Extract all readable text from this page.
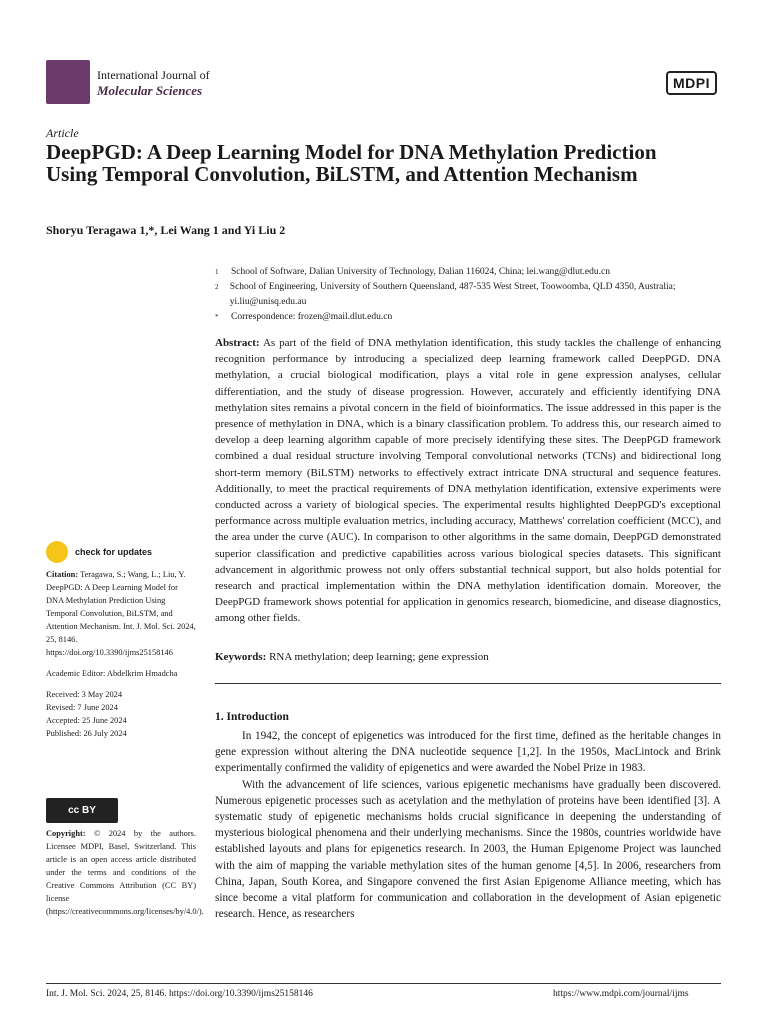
International Journal of
Molecular Sciences	MDPI
Article
DeepPGD: A Deep Learning Model for DNA Methylation Prediction Using Temporal Convolution, BiLSTM, and Attention Mechanism
Shoryu Teragawa 1,*, Lei Wang 1 and Yi Liu 2
1	School of Software, Dalian University of Technology, Dalian 116024, China; lei.wang@dlut.edu.cn
2	School of Engineering, University of Southern Queensland, 487-535 West Street, Toowoomba, QLD 4350, Australia; yi.liu@unisq.edu.au
*	Correspondence: frozen@mail.dlut.edu.cn
Abstract: As part of the field of DNA methylation identification, this study tackles the challenge of enhancing recognition performance by introducing a specialized deep learning framework called DeepPGD. DNA methylation, a crucial biological modification, plays a vital role in gene expression analyses, cellular differentiation, and the study of disease progression. However, accurately and efficiently identifying DNA methylation sites remains a pivotal concern in the field of bioinformatics. The issue addressed in this paper is the presence of methylation in DNA, which is a binary classification problem. To address this, our research aimed to develop a deep learning algorithm capable of more precisely identifying these sites. The DeepPGD framework combined a dual residual structure involving Temporal convolutional networks (TCNs) and bidirectional long short-term memory (BiLSTM) networks to effectively extract intricate DNA structural and sequence features. Additionally, to meet the practical requirements of DNA methylation identification, extensive experiments were conducted across a variety of biological species. The experimental results highlighted DeepPGD's exceptional performance across multiple evaluation metrics, including accuracy, Matthews' correlation coefficient (MCC), and the area under the curve (AUC). In comparison to other algorithms in the same domain, DeepPGD demonstrated superior classification and predictive capabilities across various biological species datasets. This significant advancement in algorithmic prowess not only offers substantial technical support, but also holds potential for research and practical implementation within the DNA methylation identification domain. Moreover, the DeepPGD framework shows potential for application in genomics research, biomedicine, and disease diagnostics, among other fields.
Keywords: RNA methylation; deep learning; gene expression
check for updates

Citation: Teragawa, S.; Wang, L.; Liu, Y. DeepPGD: A Deep Learning Model for DNA Methylation Prediction Using Temporal Convolution, BiLSTM, and Attention Mechanism. Int. J. Mol. Sci. 2024, 25, 8146. https://doi.org/10.3390/ijms25158146

Academic Editor: Abdelkrim Hmadcha

Received: 3 May 2024
Revised: 7 June 2024
Accepted: 25 June 2024
Published: 26 July 2024
cc BY
Copyright: © 2024 by the authors. Licensee MDPI, Basel, Switzerland. This article is an open access article distributed under the terms and conditions of the Creative Commons Attribution (CC BY) license (https://creativecommons.org/licenses/by/4.0/).
1. Introduction

In 1942, the concept of epigenetics was introduced for the first time, defined as the heritable changes in gene expression without altering the DNA nucleotide sequence [1,2]. In the 1950s, MacLintock and Brink experimentally confirmed the validity of epigenetics and were awarded the Nobel Prize in 1983.

With the advancement of life sciences, various epigenetic mechanisms have gradually been discovered. Numerous epigenetic processes such as acetylation and the methylation of proteins have been identified [3]. A systematic study of epigenetic mechanisms holds crucial significance in deepening the understanding of mysterious biological phenomena and their underlying mechanisms. Since the 1980s, countries worldwide have established layouts and plans for epigenetics research. In 2003, the Human Epigenome Project was launched with the aim of mapping the variable methylation sites of the human genome [4,5]. In 2006, researchers from China, Japan, South Korea, and Singapore convened the first Asian Epigenome Alliance meeting, which has since become a vital platform for communication and collaboration in the development of Asian epigenetic research. Hence, as researchers

Int. J. Mol. Sci. 2024, 25, 8146. https://doi.org/10.3390/ijms25158146	https://www.mdpi.com/journal/ijms
